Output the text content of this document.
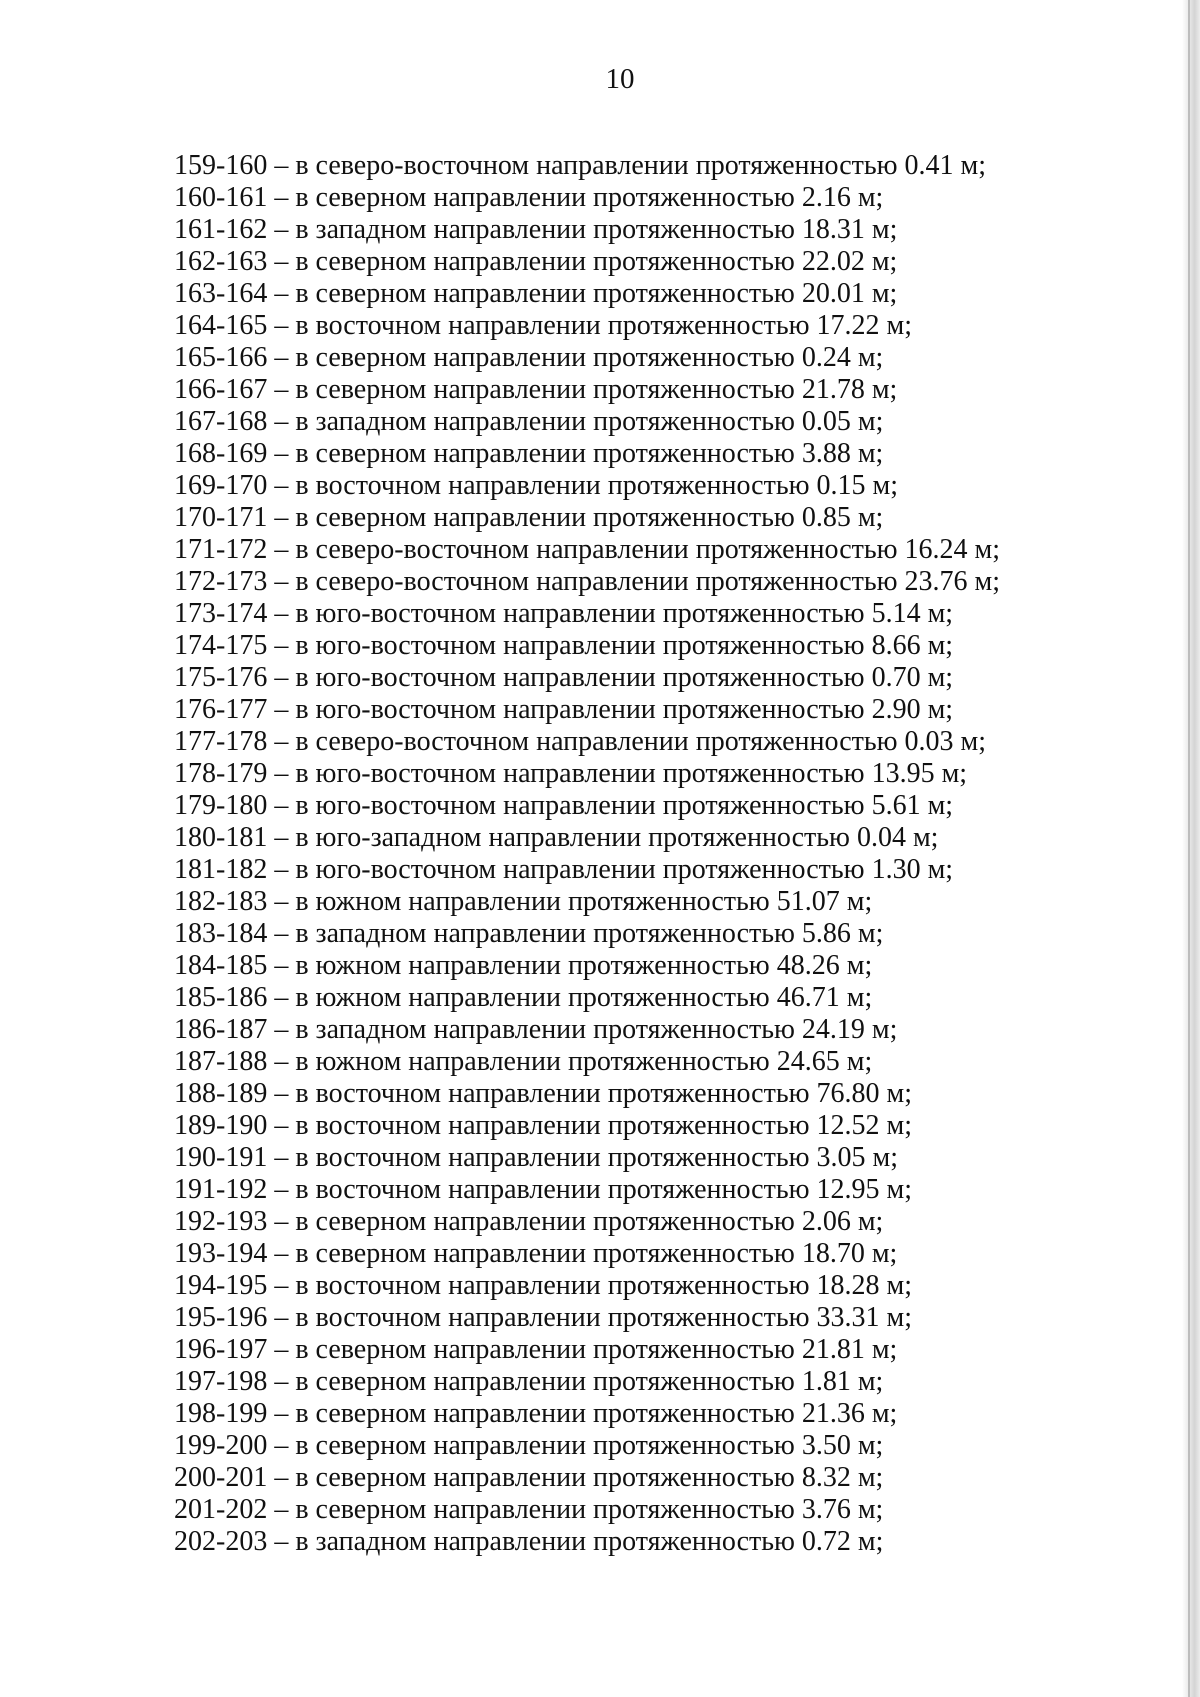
10
159-160 – в северо-восточном направлении протяженностью 0.41 м;
160-161 – в северном направлении протяженностью 2.16 м;
161-162 – в западном направлении протяженностью 18.31 м;
162-163 – в северном направлении протяженностью 22.02 м;
163-164 – в северном направлении протяженностью 20.01 м;
164-165 – в восточном направлении протяженностью 17.22 м;
165-166 – в северном направлении протяженностью 0.24 м;
166-167 – в северном направлении протяженностью 21.78 м;
167-168 – в западном направлении протяженностью 0.05 м;
168-169 – в северном направлении протяженностью 3.88 м;
169-170 – в восточном направлении протяженностью 0.15 м;
170-171 – в северном направлении протяженностью 0.85 м;
171-172 – в северо-восточном направлении протяженностью 16.24 м;
172-173 – в северо-восточном направлении протяженностью 23.76 м;
173-174 – в юго-восточном направлении протяженностью 5.14 м;
174-175 – в юго-восточном направлении протяженностью 8.66 м;
175-176 – в юго-восточном направлении протяженностью 0.70 м;
176-177 – в юго-восточном направлении протяженностью 2.90 м;
177-178 – в северо-восточном направлении протяженностью 0.03 м;
178-179 – в юго-восточном направлении протяженностью 13.95 м;
179-180 – в юго-восточном направлении протяженностью 5.61 м;
180-181 – в юго-западном направлении протяженностью 0.04 м;
181-182 – в юго-восточном направлении протяженностью 1.30 м;
182-183 – в южном направлении протяженностью 51.07 м;
183-184 – в западном направлении протяженностью 5.86 м;
184-185 – в южном направлении протяженностью 48.26 м;
185-186 – в южном направлении протяженностью 46.71 м;
186-187 – в западном направлении протяженностью 24.19 м;
187-188 – в южном направлении протяженностью 24.65 м;
188-189 – в восточном направлении протяженностью 76.80 м;
189-190 – в восточном направлении протяженностью 12.52 м;
190-191 – в восточном направлении протяженностью 3.05 м;
191-192 – в восточном направлении протяженностью 12.95 м;
192-193 – в северном направлении протяженностью 2.06 м;
193-194 – в северном направлении протяженностью 18.70 м;
194-195 – в восточном направлении протяженностью 18.28 м;
195-196 – в восточном направлении протяженностью 33.31 м;
196-197 – в северном направлении протяженностью 21.81 м;
197-198 – в северном направлении протяженностью 1.81 м;
198-199 – в северном направлении протяженностью 21.36 м;
199-200 – в северном направлении протяженностью 3.50 м;
200-201 – в северном направлении протяженностью 8.32 м;
201-202 – в северном направлении протяженностью 3.76 м;
202-203 – в западном направлении протяженностью 0.72 м;
